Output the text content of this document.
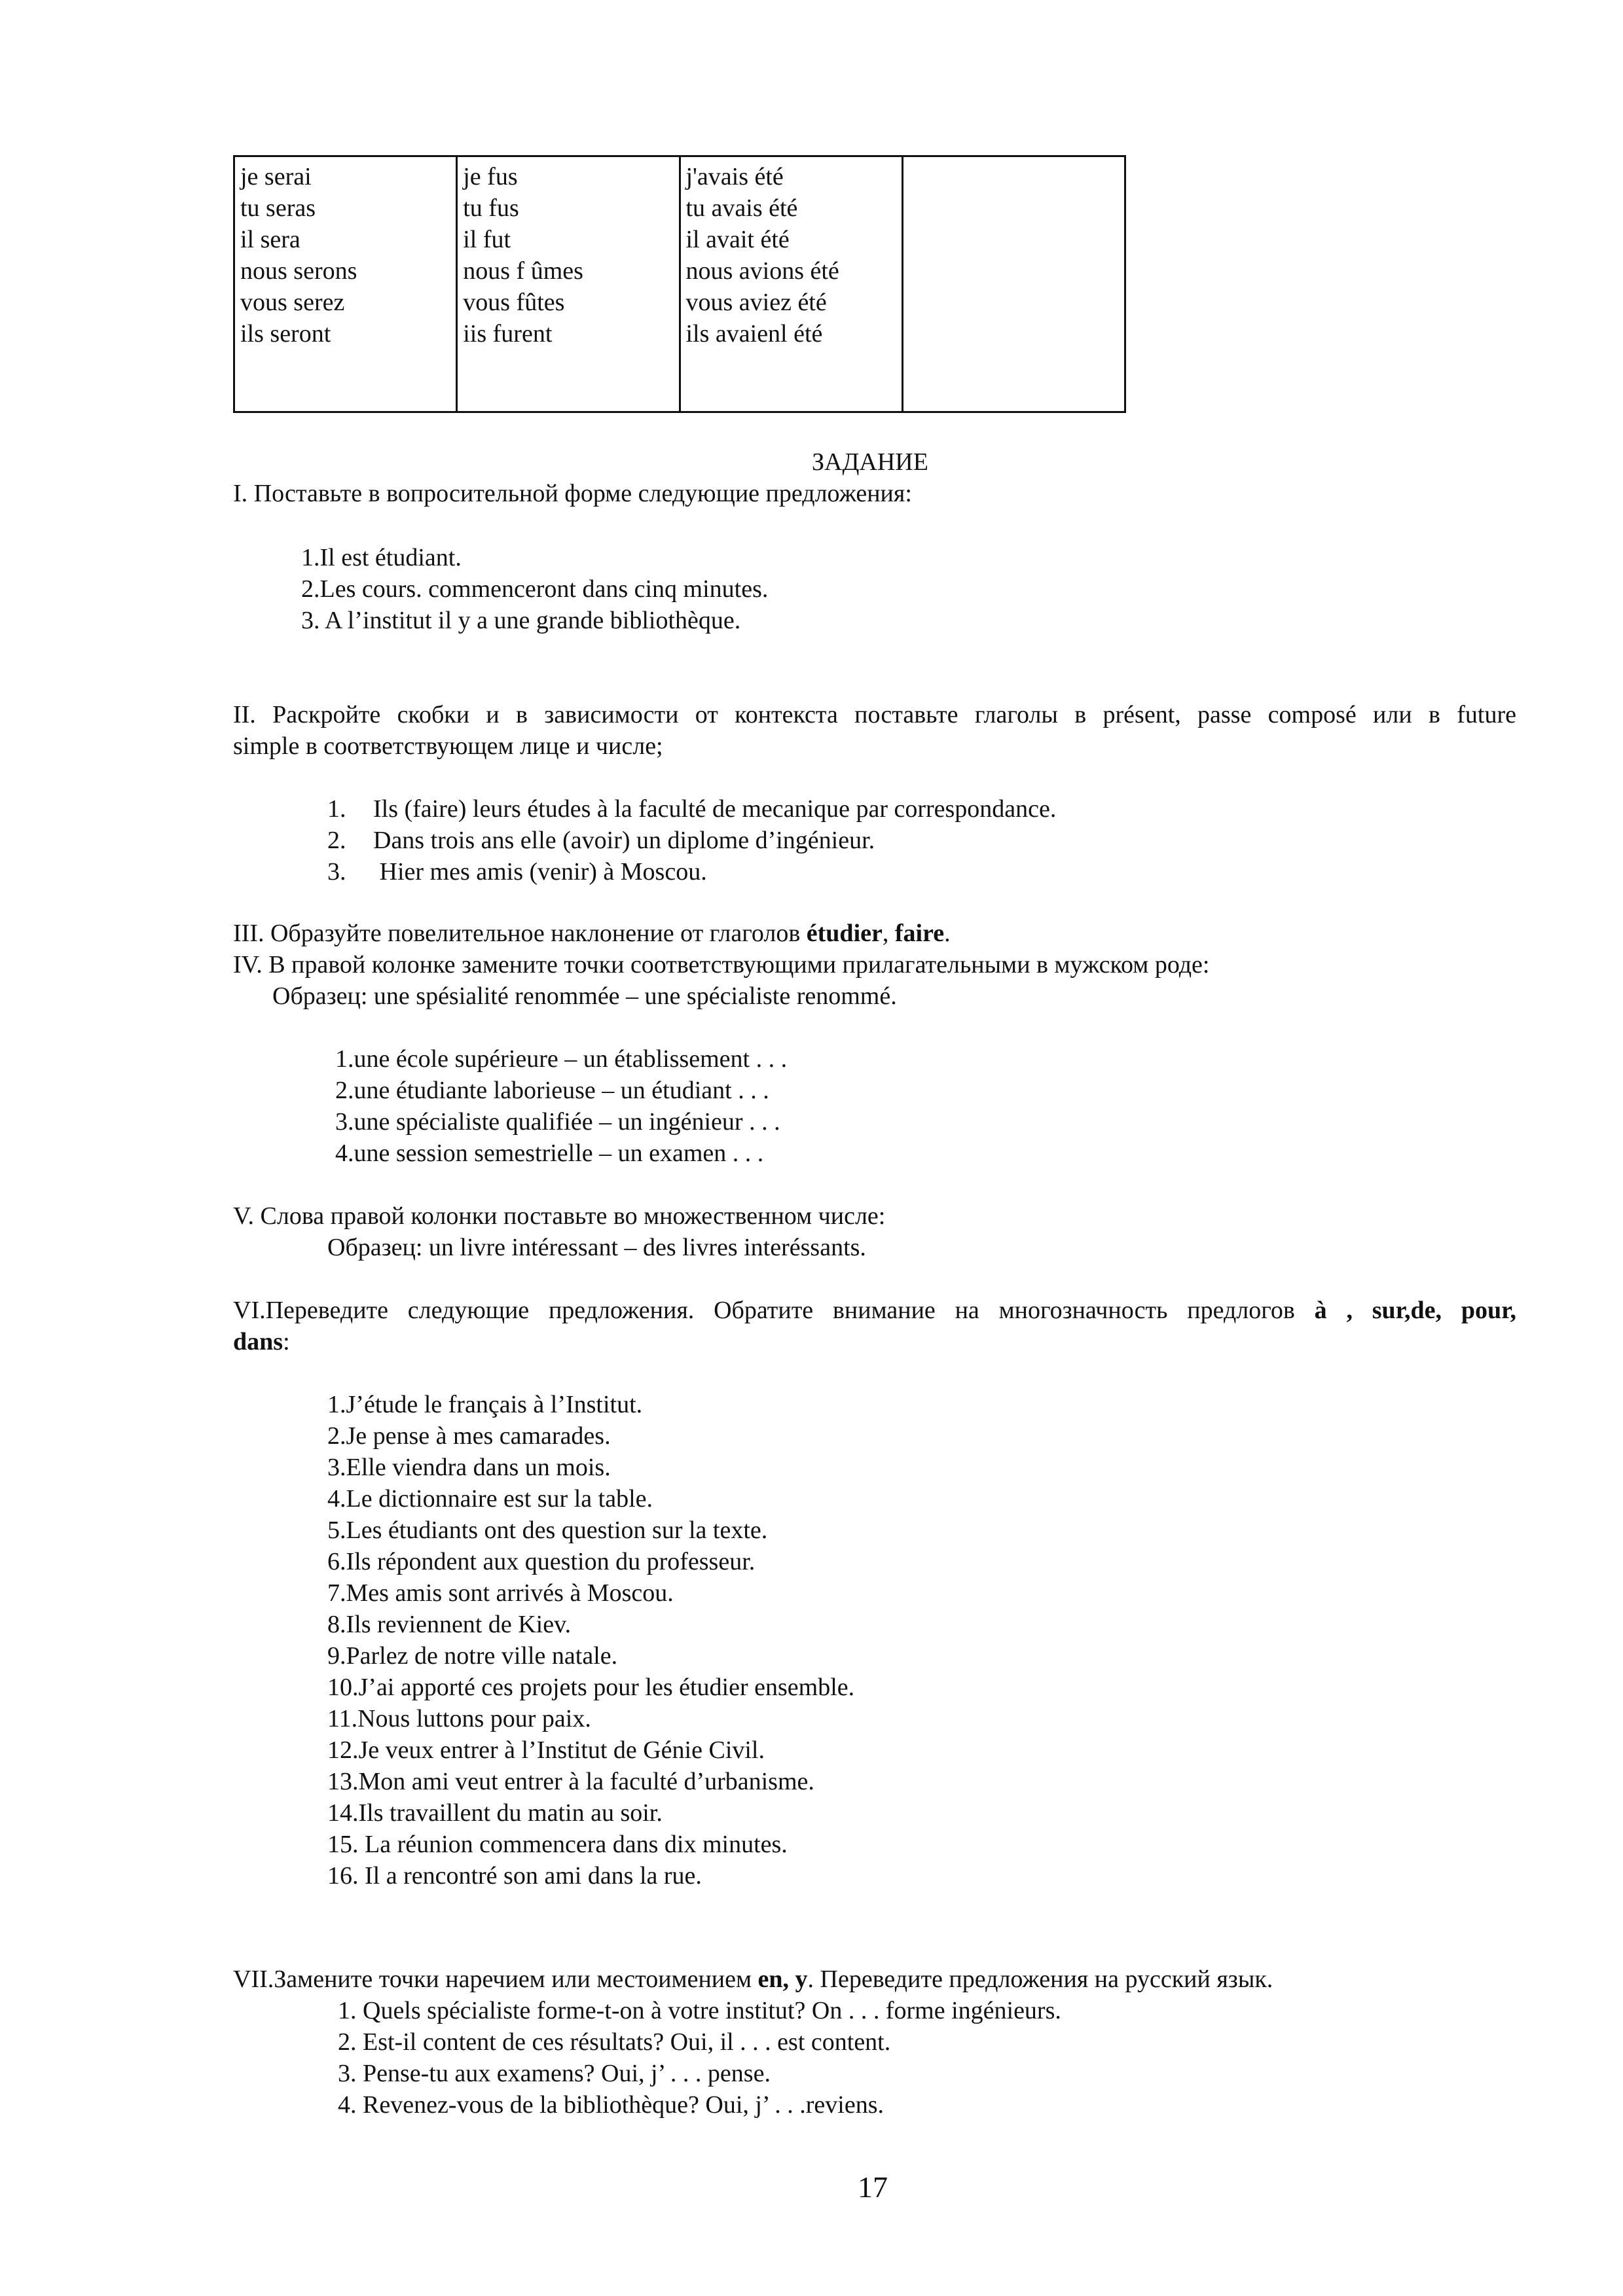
je serai
tu seras
il sera
nous serons
vous serez
ils seront

je fus
tu fus
il fut
nous f ûmes
vous fûtes
iis furent

j'avais été
tu avais été
il avait été
nous avions été
vous aviez été
ils avaienl été

ЗАДАНИЕ
I. Поставьте в вопросительной форме следующие предложения:
1.Il est étudiant.
2.Les cours. commenceront dans cinq minutes.
3. A l’institut il y a une grande bibliothèque.
II. Раскройте скобки и в зависимости от контекста поставьте глаголы в présent, passe composé или в future
simple в соответствующем лице и числе;
1. Ils (faire) leurs études à la faculté de mecanique par correspondance.
2. Dans trois ans elle (avoir) un diplome d’ingénieur.
3. Hier mes amis (venir) à Moscou.
III. Образуйте повелительное наклонение от глаголов étudier, faire.
IV. В правой колонке замените точки соответствующими прилагательными в мужском роде:
Образец: une spésialité renommée – une spécialiste renommé.
1.une école supérieure – un établissement . . .
2.une étudiante laborieuse – un étudiant . . .
3.une spécialiste qualifiée – un ingénieur . . .
4.une session semestrielle – un examen . . .
V. Слова правой колонки поставьте во множественном числе:
Образец: un livre intéressant – des livres interéssants.
VI.Переведите следующие предложения. Обратите внимание на многозначность предлогов à , sur,de, pour,
dans:
1.J’étude le français à l’Institut.
2.Je pense à mes camarades.
3.Elle viendra dans un mois.
4.Le dictionnaire est sur la table.
5.Les étudiants ont des question sur la texte.
6.Ils répondent aux question du professeur.
7.Mes amis sont arrivés à Moscou.
8.Ils reviennent de Kiev.
9.Parlez de notre ville natale.
10.J’ai apporté ces projets pour les étudier ensemble.
11.Nous luttons pour paix.
12.Je veux entrer à l’Institut de Génie Civil.
13.Mon ami veut entrer à la faculté d’urbanisme.
14.Ils travaillent du matin au soir.
15. La réunion commencera dans dix minutes.
16. Il a rencontré son ami dans la rue.
VII.Замените точки наречием или местоимением en, y. Переведите предложения на русский язык.
1. Quels spécialiste forme-t-on à votre institut? On . . . forme ingénieurs.
2. Est-il content de ces résultats? Oui, il . . . est content.
3. Pense-tu aux examens? Oui, j’ . . . pense.
4. Revenez-vous de la bibliothèque? Oui, j’ . . .reviens.
17
